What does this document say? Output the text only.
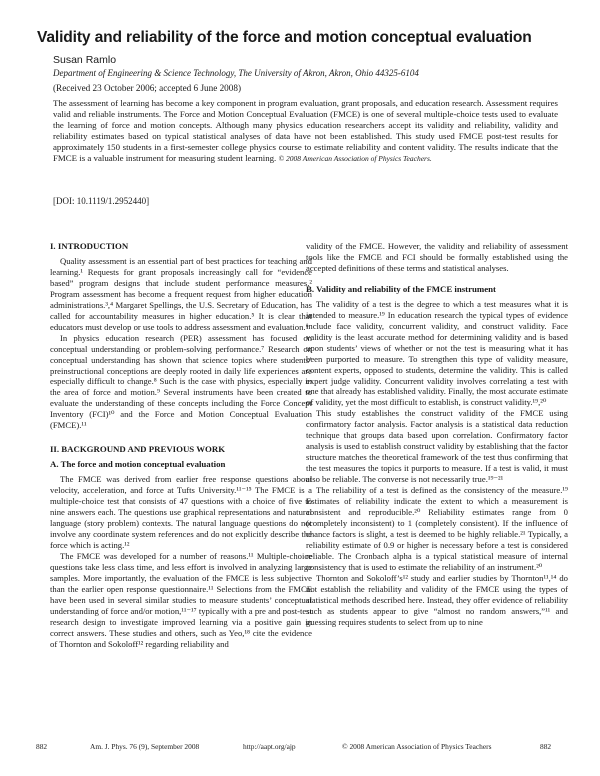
Validity and reliability of the force and motion conceptual evaluation
Susan Ramlo
Department of Engineering & Science Technology, The University of Akron, Akron, Ohio 44325-6104
(Received 23 October 2006; accepted 6 June 2008)
The assessment of learning has become a key component in program evaluation, grant proposals, and education research. Assessment requires valid and reliable instruments. The Force and Motion Conceptual Evaluation (FMCE) is one of several multiple-choice tests used to evaluate the learning of force and motion concepts. Although many physics education researchers accept its validity and reliability, validity and reliability estimates based on typical statistical analyses of data have not been established. This study used FMCE post-test results for approximately 150 students in a first-semester college physics course to estimate reliability and content validity. The results indicate that the FMCE is a valuable instrument for measuring student learning. © 2008 American Association of Physics Teachers.
[DOI: 10.1119/1.2952440]
I. INTRODUCTION

Quality assessment is an essential part of best practices for teaching and learning.¹ Requests for grant proposals increasingly call for “evidence based” program designs that include student performance measures.² Program assessment has become a frequent request from higher education administrations.³,⁴ Margaret Spellings, the U.S. Secretary of Education, has called for accountability measures in higher education.⁵ It is clear that educators must develop or use tools to address assessment and evaluation.⁶

In physics education research (PER) assessment has focused on conceptual understanding or problem-solving performance.⁷ Research on conceptual understanding has shown that science topics where students’ preinstructional conceptions are deeply rooted in daily life experiences are especially difficult to change.⁸ Such is the case with physics, especially in the area of force and motion.⁹ Several instruments have been created to evaluate the understanding of these concepts including the Force Concept Inventory (FCI)¹⁰ and the Force and Motion Conceptual Evaluation (FMCE).¹¹

II. BACKGROUND AND PREVIOUS WORK
A. The force and motion conceptual evaluation

The FMCE was derived from earlier free response questions about velocity, acceleration, and force at Tufts University.¹¹⁻¹⁵ The FMCE is a multiple-choice test that consists of 47 questions with a choice of five to nine answers each. The questions use graphical representations and natural language (story problem) contexts. The natural language questions do not involve any coordinate system references and do not explicitly describe the force which is acting.¹²

The FMCE was developed for a number of reasons.¹¹ Multiple-choice questions take less class time, and less effort is involved in analyzing large samples. More importantly, the evaluation of the FMCE is less subjective than the earlier open response questionnaire.¹¹ Selections from the FMCE have been used in several similar studies to measure students’ conceptual understanding of force and/or motion,¹¹⁻¹⁷ typically with a pre and post-test research design to investigate improved learning via a positive gain in correct answers. These studies and others, such as Yeo,¹⁸ cite the evidence of Thornton and Sokoloff¹² regarding reliability and

validity of the FMCE. However, the validity and reliability of assessment tools like the FMCE and FCI should be formally established using the accepted definitions of these terms and statistical analyses.

B. Validity and reliability of the FMCE instrument

The validity of a test is the degree to which a test measures what it is intended to measure.¹⁹ In education research the typical types of evidence include face validity, concurrent validity, and construct validity. Face validity is the least accurate method for determining validity and is based upon students’ views of whether or not the test is measuring what it has been purported to measure. To strengthen this type of validity measure, content experts, opposed to students, determine the validity. This is called expert judge validity. Concurrent validity involves correlating a test with one that already has established validity. Finally, the most accurate estimate of validity, yet the most difficult to establish, is construct validity.¹⁹,²⁰

This study establishes the construct validity of the FMCE using confirmatory factor analysis. Factor analysis is a statistical data reduction technique that groups data based upon correlation. Confirmatory factor analysis is used to establish construct validity by establishing that the factor structure matches the theoretical framework of the test thus confirming that the test measures the topics it purports to measure. If a test is valid, it must also be reliable. The converse is not necessarily true.¹⁹⁻²¹

The reliability of a test is defined as the consistency of the measure.¹⁹ Estimates of reliability indicate the extent to which a measurement is consistent and reproducible.²⁰ Reliability estimates range from 0 (completely inconsistent) to 1 (completely consistent). If the influence of chance factors is slight, a test is deemed to be highly reliable.²¹ Typically, a reliability estimate of 0.9 or higher is necessary before a test is considered reliable. The Cronbach alpha is a typical statistical measure of internal consistency that is used to estimate the reliability of an instrument.²⁰

Thornton and Sokoloff’s¹² study and earlier studies by Thornton¹¹,¹⁴ do not establish the reliability and validity of the FMCE using the types of statistical methods described here. Instead, they offer evidence of reliability such as students appear to give “almost no random answers,”¹¹ and guessing requires students to select from up to nine

882	Am. J. Phys. 76 (9), September 2008	http://aapt.org/ajp	© 2008 American Association of Physics Teachers	882
